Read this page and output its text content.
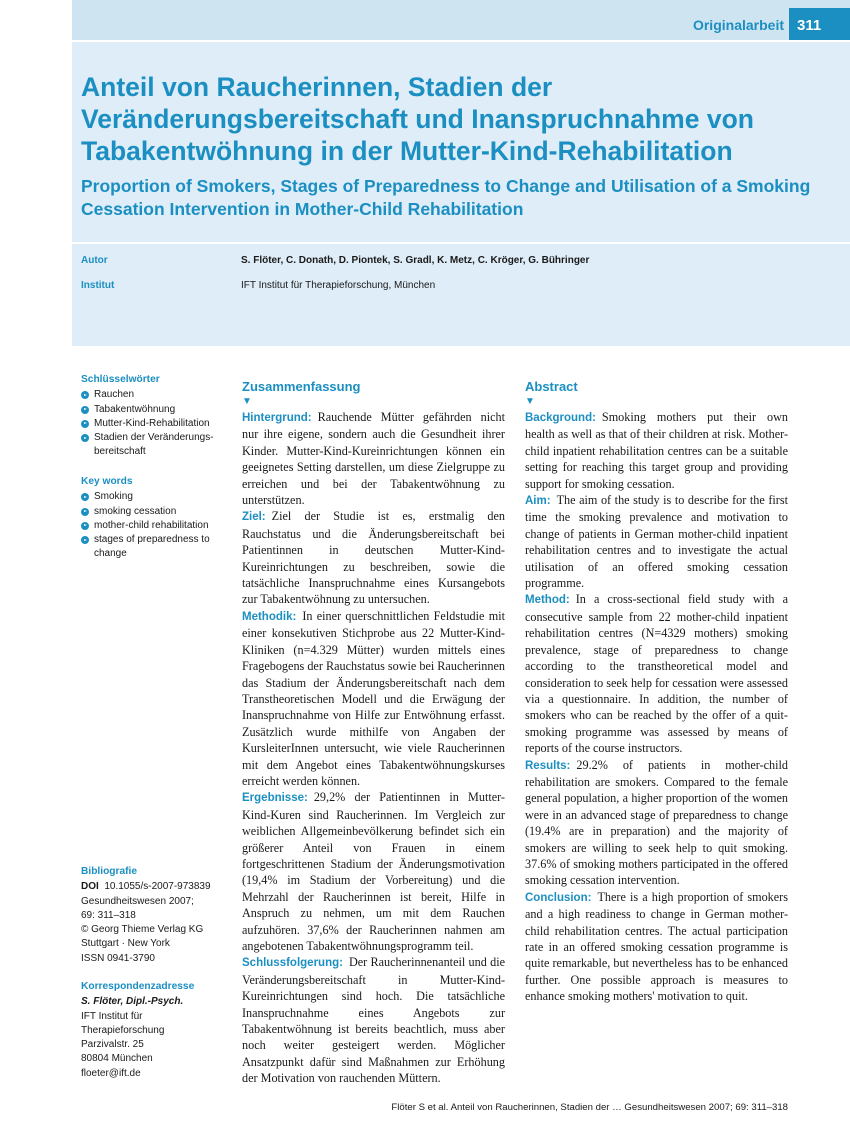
Originalarbeit 311
Anteil von Raucherinnen, Stadien der Veränderungsbereitschaft und Inanspruchnahme von Tabakentwöhnung in der Mutter-Kind-Rehabilitation
Proportion of Smokers, Stages of Preparedness to Change and Utilisation of a Smoking Cessation Intervention in Mother-Child Rehabilitation
Autor	S. Flöter, C. Donath, D. Piontek, S. Gradl, K. Metz, C. Kröger, G. Bühringer
Institut	IFT Institut für Therapieforschung, München
Schlüsselwörter
Rauchen
Tabakentwöhnung
Mutter-Kind-Rehabilitation
Stadien der Veränderungs-bereitschaft
Key words
Smoking
smoking cessation
mother-child rehabilitation
stages of preparedness to change
Bibliografie
DOI 10.1055/s-2007-973839
Gesundheitswesen 2007;
69: 311–318
© Georg Thieme Verlag KG
Stuttgart · New York
ISSN 0941-3790
Korrespondenzadresse
S. Flöter, Dipl.-Psych.
IFT Institut für
Therapieforschung
Parzivalstr. 25
80804 München
floeter@ift.de
Zusammenfassung
▼

Hintergrund: Rauchende Mütter gefährden nicht nur ihre eigene, sondern auch die Gesundheit ihrer Kinder. Mutter-Kind-Kureinrichtungen können ein geeignetes Setting darstellen, um diese Zielgruppe zu erreichen und bei der Tabakentwöhnung zu unterstützen.

Ziel: Ziel der Studie ist es, erstmalig den Rauchstatus und die Änderungsbereitschaft bei Patientinnen in deutschen Mutter-Kind-Kureinrichtungen zu beschreiben, sowie die tatsächliche Inanspruchnahme eines Kursangebots zur Tabakentwöhnung zu untersuchen.

Methodik: In einer querschnittlichen Feldstudie mit einer konsekutiven Stichprobe aus 22 Mutter-Kind-Kliniken (n=4.329 Mütter) wurden mittels eines Fragebogens der Rauchstatus sowie bei Raucherinnen das Stadium der Änderungsbereitschaft nach dem Transtheoretischen Modell und die Erwägung der Inanspruchnahme von Hilfe zur Entwöhnung erfasst. Zusätzlich wurde mithilfe von Angaben der KursleiterInnen untersucht, wie viele Raucherinnen mit dem Angebot eines Tabakentwöhnungskurses erreicht werden können.

Ergebnisse: 29,2% der Patientinnen in Mutter-Kind-Kuren sind Raucherinnen. Im Vergleich zur weiblichen Allgemeinbevölkerung befindet sich ein größerer Anteil von Frauen in einem fortgeschrittenen Stadium der Änderungsmotivation (19,4% im Stadium der Vorbereitung) und die Mehrzahl der Raucherinnen ist bereit, Hilfe in Anspruch zu nehmen, um mit dem Rauchen aufzuhören. 37,6% der Raucherinnen nahmen am angebotenen Tabakentwöhnungsprogramm teil.

Schlussfolgerung: Der Raucherinnenanteil und die Veränderungsbereitschaft in Mutter-Kind-Kureinrichtungen sind hoch. Die tatsächliche Inanspruchnahme eines Angebots zur Tabakentwöhnung ist bereits beachtlich, muss aber noch weiter gesteigert werden. Möglicher Ansatzpunkt dafür sind Maßnahmen zur Erhöhung der Motivation von rauchenden Müttern.

Abstract
▼

Background: Smoking mothers put their own health as well as that of their children at risk. Mother-child inpatient rehabilitation centres can be a suitable setting for reaching this target group and providing support for smoking cessation.

Aim: The aim of the study is to describe for the first time the smoking prevalence and motivation to change of patients in German mother-child inpatient rehabilitation centres and to investigate the actual utilisation of an offered smoking cessation programme.

Method: In a cross-sectional field study with a consecutive sample from 22 mother-child inpatient rehabilitation centres (N=4329 mothers) smoking prevalence, stage of preparedness to change according to the transtheoretical model and consideration to seek help for cessation were assessed via a questionnaire. In addition, the number of smokers who can be reached by the offer of a quit-smoking programme was assessed by means of reports of the course instructors.

Results: 29.2% of patients in mother-child rehabilitation are smokers. Compared to the female general population, a higher proportion of the women were in an advanced stage of preparedness to change (19.4% are in preparation) and the majority of smokers are willing to seek help to quit smoking. 37.6% of smoking mothers participated in the offered smoking cessation intervention.

Conclusion: There is a high proportion of smokers and a high readiness to change in German mother-child rehabilitation centres. The actual participation rate in an offered smoking cessation programme is quite remarkable, but nevertheless has to be enhanced further. One possible approach is measures to enhance smoking mothers' motivation to quit.

Flöter S et al. Anteil von Raucherinnen, Stadien der … Gesundheitswesen 2007; 69: 311–318
